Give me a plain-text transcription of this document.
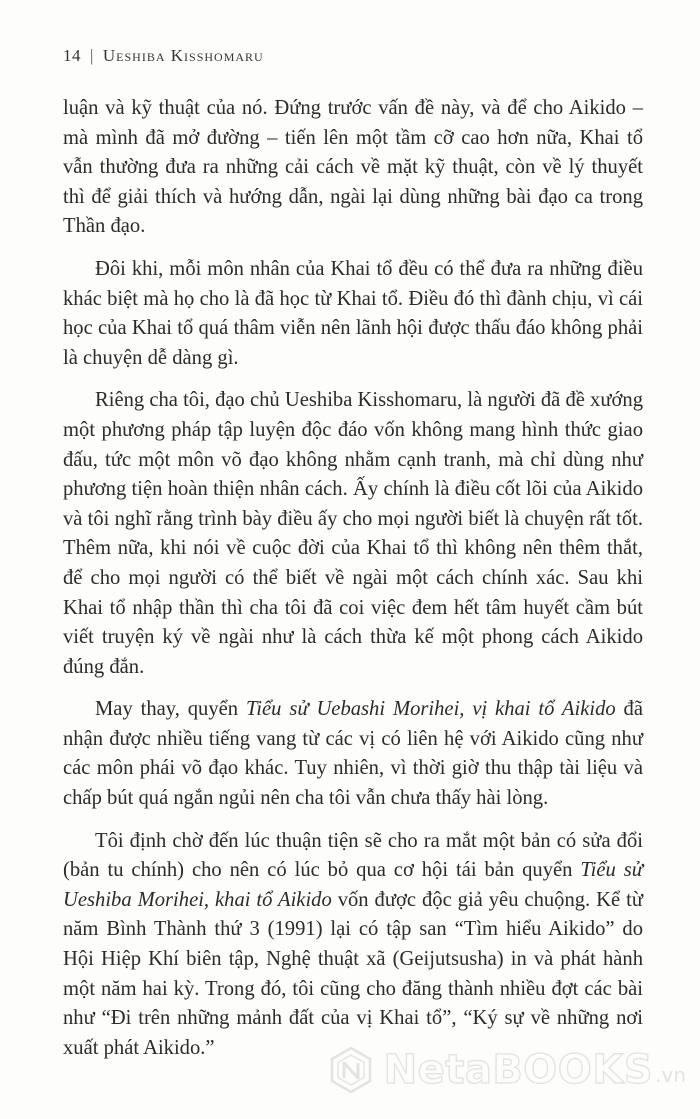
14 | Ueshiba Kisshomaru

luận và kỹ thuật của nó. Đứng trước vấn đề này, và để cho Aikido – mà mình đã mở đường – tiến lên một tầm cỡ cao hơn nữa, Khai tổ vẫn thường đưa ra những cải cách về mặt kỹ thuật, còn về lý thuyết thì để giải thích và hướng dẫn, ngài lại dùng những bài đạo ca trong Thần đạo.

Đôi khi, mỗi môn nhân của Khai tổ đều có thể đưa ra những điều khác biệt mà họ cho là đã học từ Khai tổ. Điều đó thì đành chịu, vì cái học của Khai tổ quá thâm viễn nên lãnh hội được thấu đáo không phải là chuyện dễ dàng gì.

Riêng cha tôi, đạo chủ Ueshiba Kisshomaru, là người đã đề xướng một phương pháp tập luyện độc đáo vốn không mang hình thức giao đấu, tức một môn võ đạo không nhằm cạnh tranh, mà chỉ dùng như phương tiện hoàn thiện nhân cách. Ấy chính là điều cốt lõi của Aikido và tôi nghĩ rằng trình bày điều ấy cho mọi người biết là chuyện rất tốt. Thêm nữa, khi nói về cuộc đời của Khai tổ thì không nên thêm thắt, để cho mọi người có thể biết về ngài một cách chính xác. Sau khi Khai tổ nhập thần thì cha tôi đã coi việc đem hết tâm huyết cầm bút viết truyện ký về ngài như là cách thừa kế một phong cách Aikido đúng đắn.

May thay, quyển Tiểu sử Uebashi Morihei, vị khai tổ Aikido đã nhận được nhiều tiếng vang từ các vị có liên hệ với Aikido cũng như các môn phái võ đạo khác. Tuy nhiên, vì thời giờ thu thập tài liệu và chấp bút quá ngắn ngủi nên cha tôi vẫn chưa thấy hài lòng.

Tôi định chờ đến lúc thuận tiện sẽ cho ra mắt một bản có sửa đổi (bản tu chính) cho nên có lúc bỏ qua cơ hội tái bản quyển Tiểu sử Ueshiba Morihei, khai tổ Aikido vốn được độc giả yêu chuộng. Kể từ năm Bình Thành thứ 3 (1991) lại có tập san “Tìm hiểu Aikido” do Hội Hiệp Khí biên tập, Nghệ thuật xã (Geijutsusha) in và phát hành một năm hai kỳ. Trong đó, tôi cũng cho đăng thành nhiều đợt các bài như “Đi trên những mảnh đất của vị Khai tổ”, “Ký sự về những nơi xuất phát Aikido.”	NetaBOOKS .vn
